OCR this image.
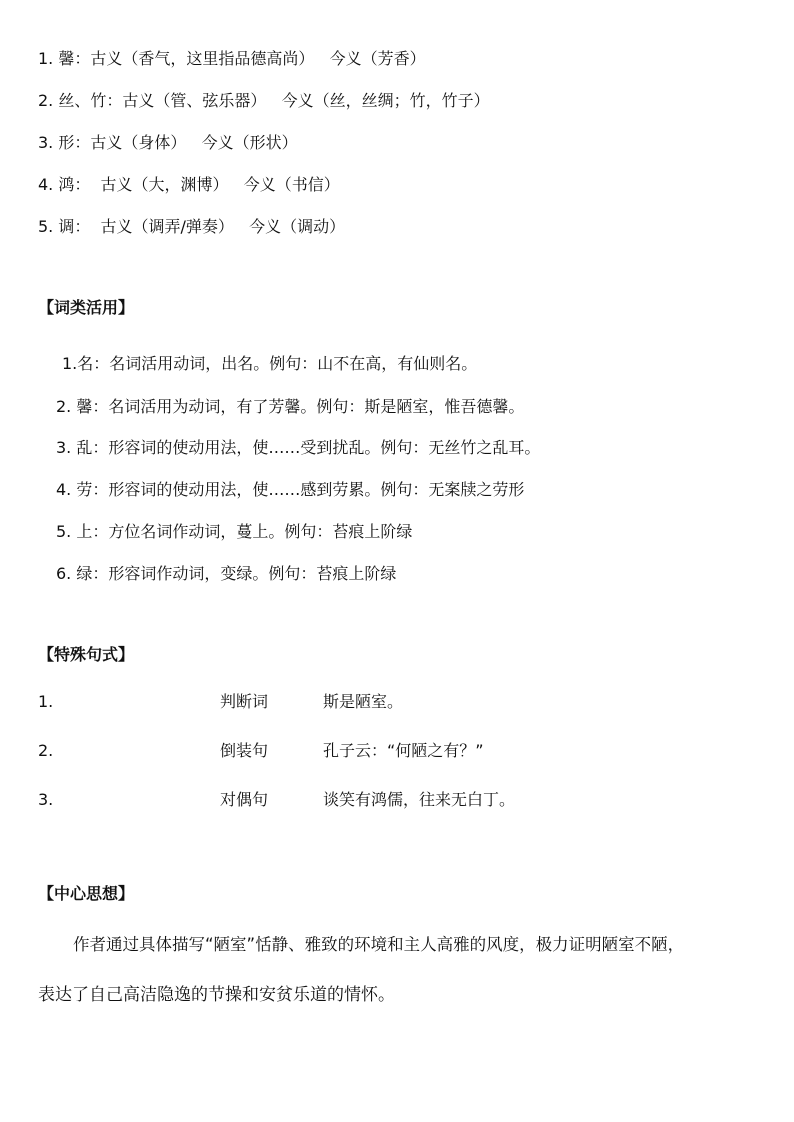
1. 馨：古义（香气，这里指品德高尚）   今义（芳香）
2. 丝、竹：古义（管、弦乐器）   今义（丝，丝绸；竹，竹子）
3. 形：古义（身体）   今义（形状）
4. 鸿：  古义（大，渊博）   今义（书信）
5. 调：  古义（调弄/弹奏）   今义（调动）
【词类活用】
1.名：名词活用动词，出名。例句：山不在高，有仙则名。
2. 馨：名词活用为动词，有了芳馨。例句：斯是陋室，惟吾德馨。
3. 乱：形容词的使动用法，使……受到扰乱。例句：无丝竹之乱耳。
4. 劳：形容词的使动用法，使……感到劳累。例句：无案牍之劳形
5. 上：方位名词作动词，蔓上。例句：苔痕上阶绿
6. 绿：形容词作动词，变绿。例句：苔痕上阶绿
【特殊句式】
1.	判断词	斯是陋室。
2.	倒装句	孔子云：“何陋之有？”
3.	对偶句	谈笑有鸿儒，往来无白丁。
【中心思想】
作者通过具体描写“陋室”恬静、雅致的环境和主人高雅的风度，极力证明陋室不陋，
表达了自己高洁隐逸的节操和安贫乐道的情怀。
